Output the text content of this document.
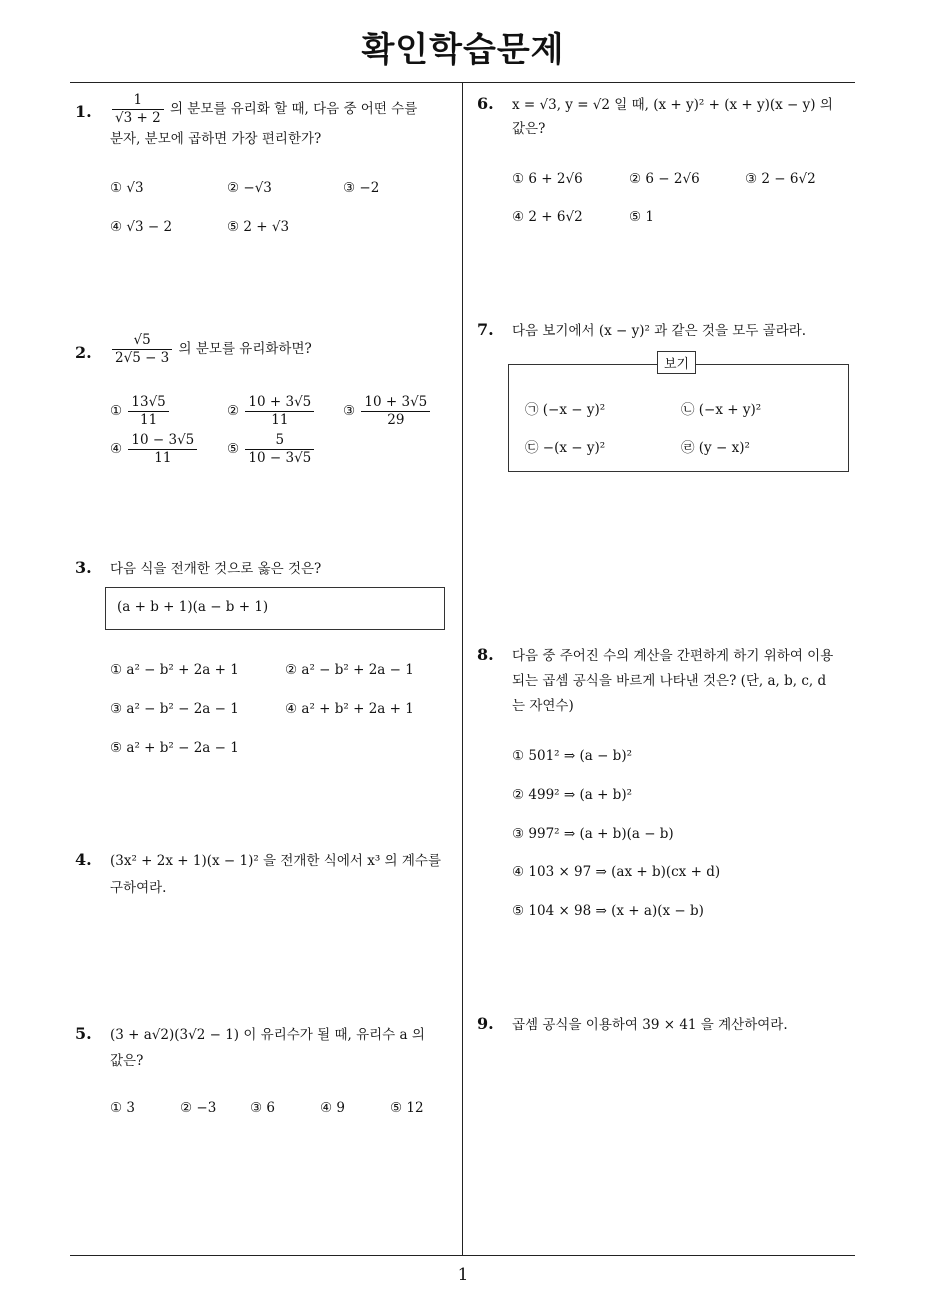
확인학습문제
1
1. $\frac{1}{√3 + 2}$ 의 분모를 유리화 할 때, 다음 중 어떤 수를
분자, 분모에 곱하면 가장 편리한가?
① √3	② −√3	③ −2
④ √3 − 2	⑤ 2 + √3
2. $\frac{√5}{2√5 - 3}$ 의 분모를 유리화하면?
① $\frac{13√5}{11}$	② $\frac{10 + 3√5}{11}$ ③ $\frac{10 + 3√5}{29}$
④ $\frac{10 - 3√5}{11}$ ⑤ $\frac{5}{10 - 3√5}$
3. 다음 식을 전개한 것으로 옳은 것은?
(a + b + 1)(a − b + 1)
① a² − b² + 2a + 1	② a² − b² + 2a − 1
③ a² − b² − 2a − 1	④ a² + b² + 2a + 1
⑤ a² + b² − 2a − 1
4. (3x² + 2x + 1)(x − 1)² 을 전개한 식에서 x³ 의 계수를
구하여라.
5. (3 + a√2)(3√2 − 1) 이 유리수가 될 때, 유리수 a 의
값은?
① 3	② −3 ③ 6	④ 9	⑤ 12
6. x = √3, y = √2 일 때, (x + y)² + (x + y)(x − y) 의
값은?
① 6 + 2√6	② 6 − 2√6	③ 2 − 6√2
④ 2 + 6√2	⑤ 1
7. 다음 보기에서 (x − y)² 과 같은 것을 모두 골라라.
㉠ (−x − y)²	㉡ (−x + y)²
㉢ −(x − y)²	㉣ (y − x)²
보기
8. 다음 중 주어진 수의 계산을 간편하게 하기 위하여 이용
되는 곱셈 공식을 바르게 나타낸 것은? (단, a, b, c, d
는 자연수)
① 501² ⇒ (a − b)²
② 499² ⇒ (a + b)²
③ 997² ⇒ (a + b)(a − b)
④ 103 × 97 ⇒ (ax + b)(cx + d)
⑤ 104 × 98 ⇒ (x + a)(x − b)
9. 곱셈 공식을 이용하여 39 × 41 을 계산하여라.
